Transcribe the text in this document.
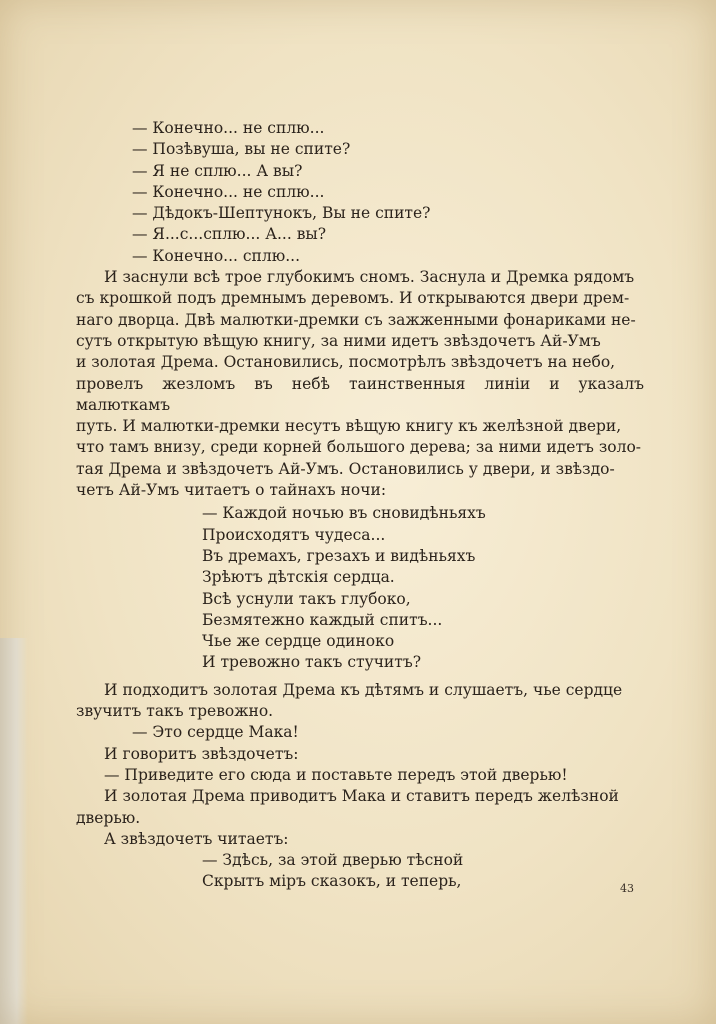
— Конечно... не сплю...

— Позѣвуша, вы не спите?

— Я не сплю... А вы?

— Конечно... не сплю...

— Дѣдокъ-Шептунокъ, Вы не спите?

— Я...с...сплю... А... вы?

— Конечно... сплю...

И заснули всѣ трое глубокимъ сномъ. Заснула и Дремка рядомъ

съ крошкой подъ дремнымъ деревомъ. И открываются двери дрем-

наго дворца. Двѣ малютки-дремки съ зажженными фонариками не-

сутъ открытую вѣщую книгу, за ними идетъ звѣздочетъ Ай-Умъ

и золотая Дрема. Остановились, посмотрѣлъ звѣздочетъ на небо,

провелъ жезломъ въ небѣ таинственныя линіи и указалъ малюткамъ

путь. И малютки-дремки несутъ вѣщую книгу къ желѣзной двери,

что тамъ внизу, среди корней большого дерева; за ними идетъ золо-

тая Дрема и звѣздочетъ Ай-Умъ. Остановились у двери, и звѣздо-

четъ Ай-Умъ читаетъ о тайнахъ ночи:

— Каждой ночью въ сновидѣньяхъ

Происходятъ чудеса...

Въ дремахъ, грезахъ и видѣньяхъ

Зрѣютъ дѣтскія сердца.

Всѣ уснули такъ глубоко,

Безмятежно каждый спитъ...

Чье же сердце одиноко

И тревожно такъ стучитъ?

И подходитъ золотая Дрема къ дѣтямъ и слушаетъ, чье сердце

звучитъ такъ тревожно.

— Это сердце Мака!

И говоритъ звѣздочетъ:

— Приведите его сюда и поставьте передъ этой дверью!

И золотая Дрема приводитъ Мака и ставитъ передъ желѣзной

дверью.

А звѣздочетъ читаетъ:

— Здѣсь, за этой дверью тѣсной

Скрытъ міръ сказокъ, и теперь,	43
